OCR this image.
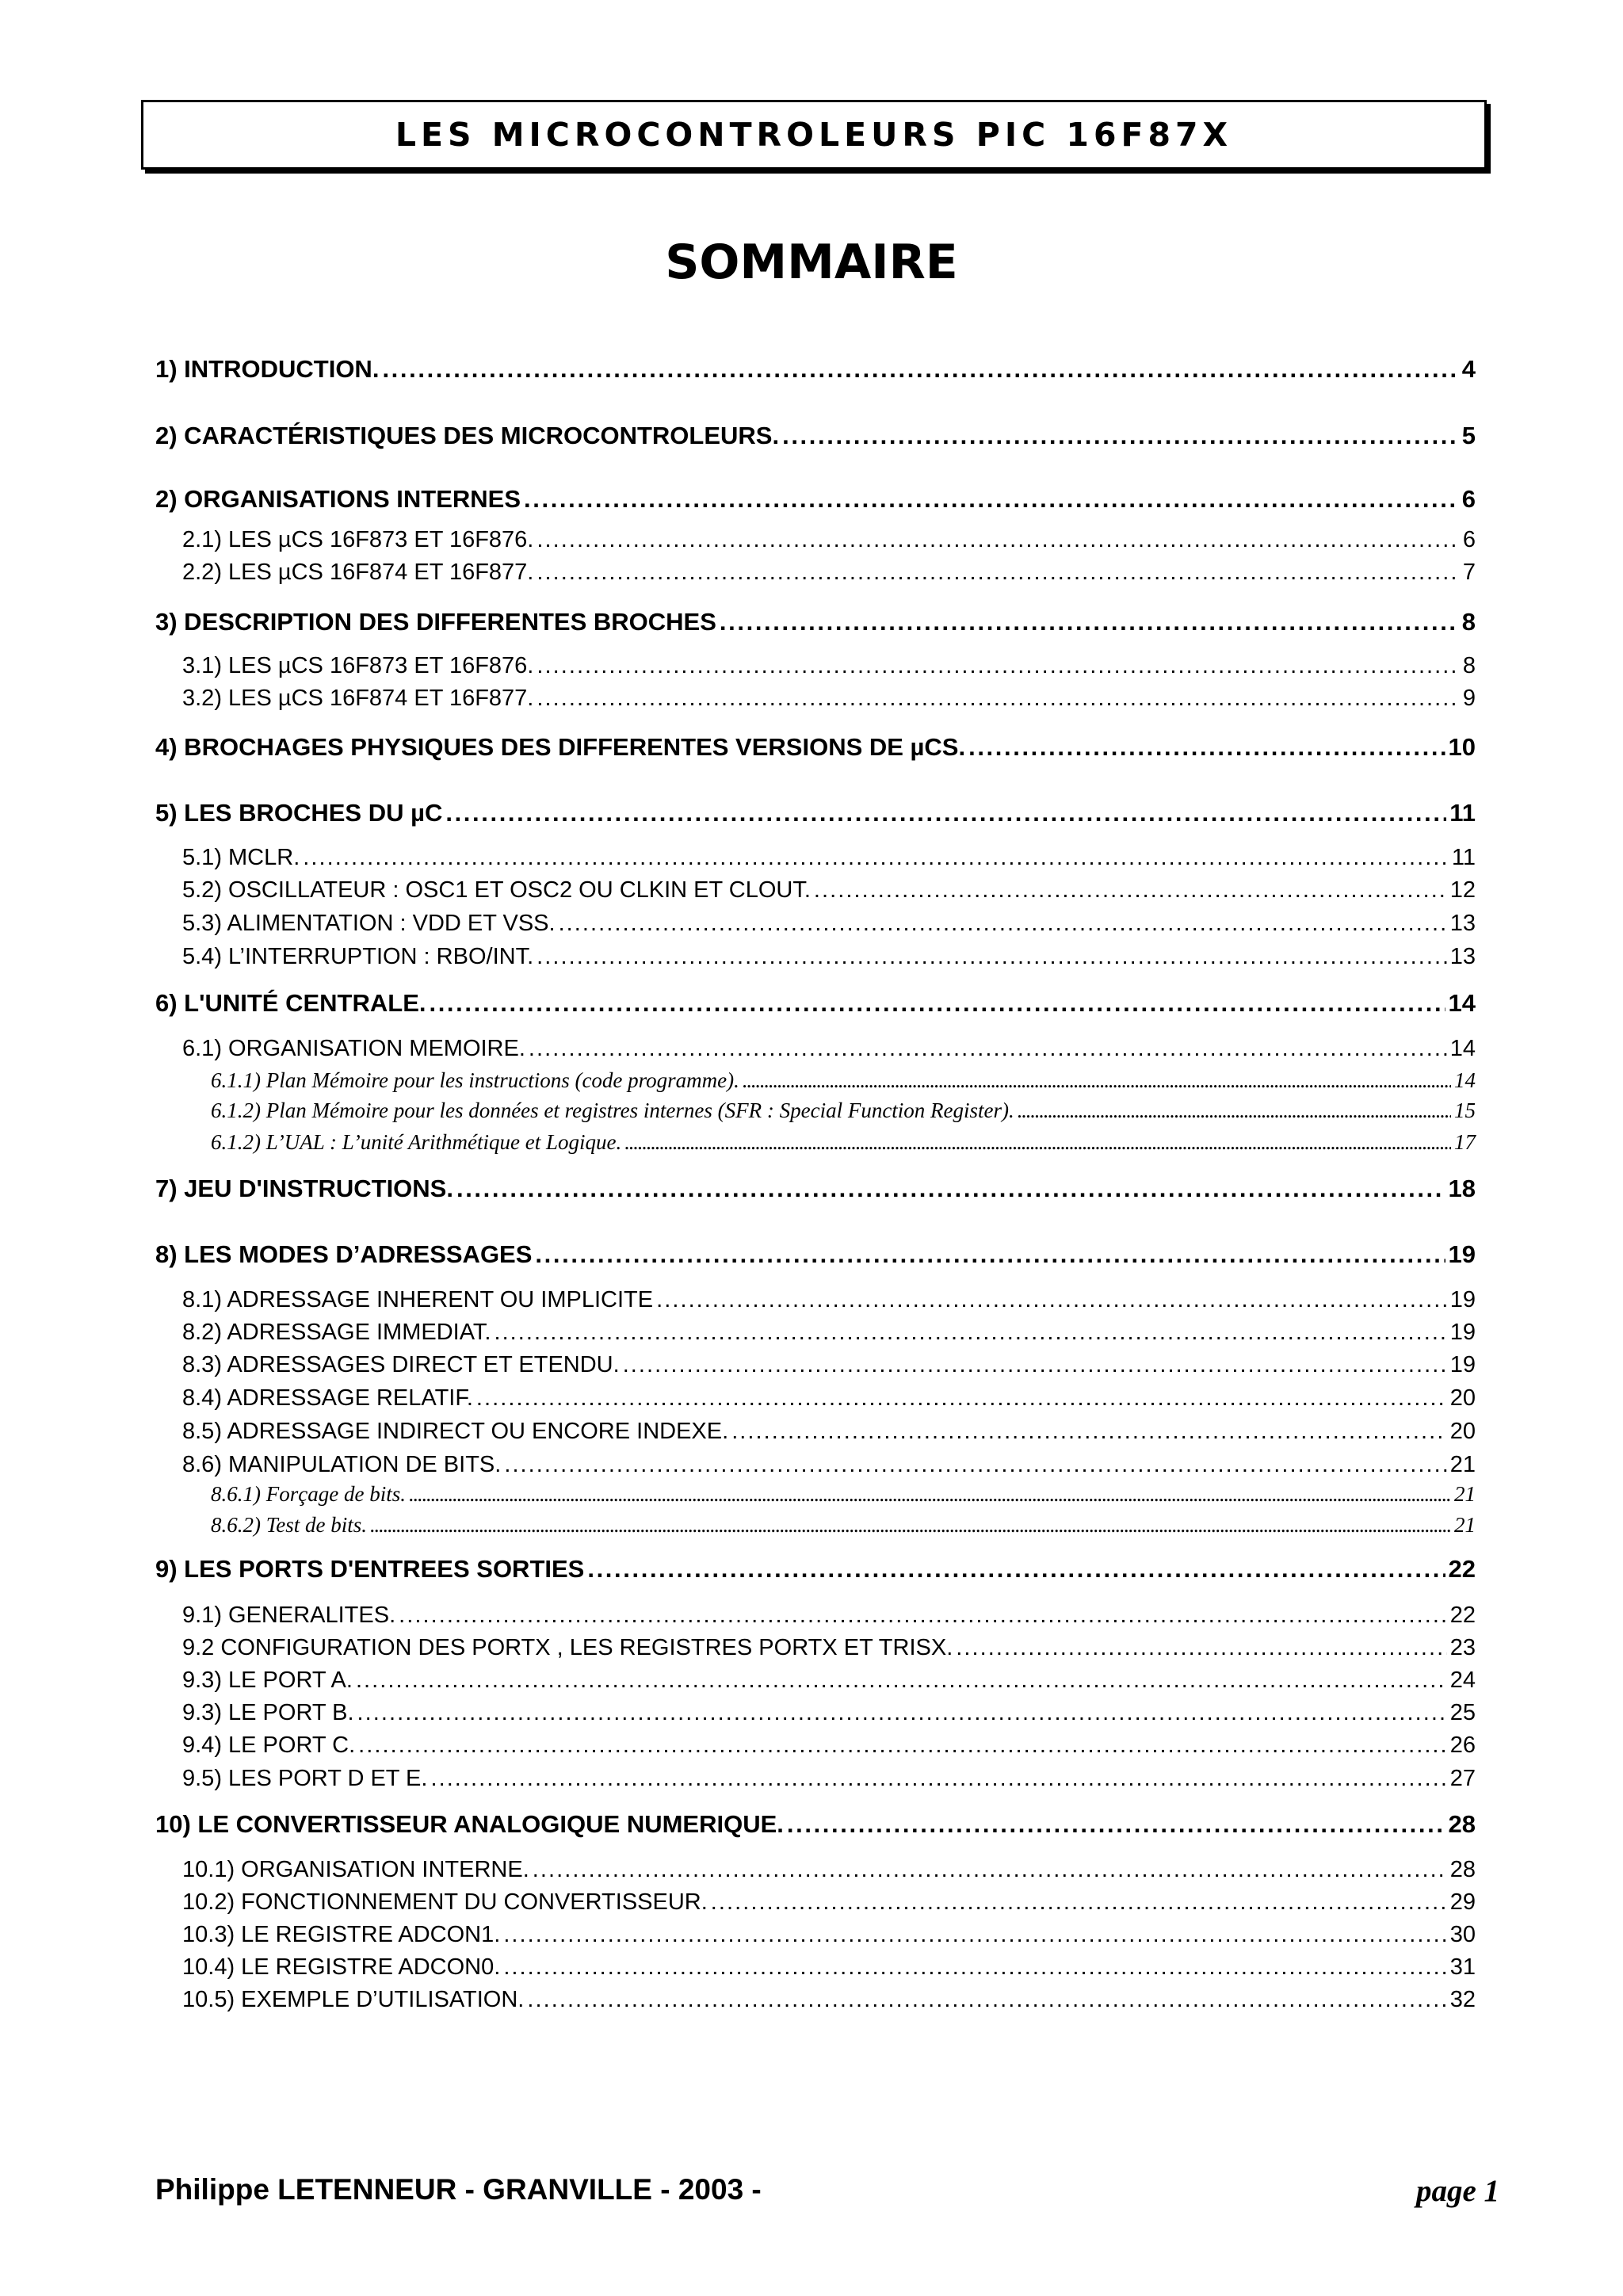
LES MICROCONTROLEURS PIC 16F87X
SOMMAIRE
1) INTRODUCTION. . . .	4
2) CARACTÉRISTIQUES DES MICROCONTROLEURS. . . .	5
2) ORGANISATIONS INTERNES . . .	6
2.1) LES µCS 16F873 ET 16F876. . . .	6
2.2) LES µCS 16F874 ET 16F877. . . .	7
3) DESCRIPTION DES DIFFERENTES BROCHES . . .	8
3.1) LES µCS 16F873 ET 16F876. . . .	8
3.2) LES µCS 16F874 ET 16F877. . . .	9
4) BROCHAGES PHYSIQUES DES DIFFERENTES VERSIONS DE µCS. . . .	10
5) LES BROCHES DU µC . . .	11
5.1) MCLR. . . .	11
5.2) OSCILLATEUR : OSC1 ET OSC2 OU CLKIN ET CLOUT. . . .	12
5.3) ALIMENTATION : VDD ET VSS. . . .	13
5.4) L’INTERRUPTION : RBO/INT. . . .	13
6) L'UNITÉ CENTRALE. . . .	14
6.1) ORGANISATION MEMOIRE. . . .	14
6.1.1) Plan Mémoire pour les instructions (code programme). . . .	14
6.1.2) Plan Mémoire pour les données et registres internes (SFR : Special Function Register). . . .	15
6.1.2) L’UAL : L’unité Arithmétique et Logique. . . .	17
7) JEU D'INSTRUCTIONS. . . .	18
8) LES MODES D’ADRESSAGES . . .	19
8.1) ADRESSAGE INHERENT OU IMPLICITE . . .	19
8.2) ADRESSAGE IMMEDIAT. . . .	19
8.3) ADRESSAGES DIRECT ET ETENDU. . . .	19
8.4) ADRESSAGE RELATIF. . . .	20
8.5) ADRESSAGE INDIRECT OU ENCORE INDEXE. . . .	20
8.6) MANIPULATION DE BITS. . . .	21
8.6.1) Forçage de bits. . . .	21
8.6.2) Test de bits. . . .	21
9) LES PORTS D'ENTREES SORTIES . . .	22
9.1) GENERALITES. . . .	22
9.2 CONFIGURATION DES PORTX , LES REGISTRES PORTX ET TRISX. . . .	23
9.3) LE PORT A. . . .	24
9.3) LE PORT B. . . .	25
9.4) LE PORT C. . . .	26
9.5) LES PORT D ET E. . . .	27
10) LE CONVERTISSEUR ANALOGIQUE NUMERIQUE. . . .	28
10.1) ORGANISATION INTERNE. . . .	28
10.2) FONCTIONNEMENT DU CONVERTISSEUR. . . .	29
10.3) LE REGISTRE ADCON1. . . .	30
10.4) LE REGISTRE ADCON0. . . .	31
10.5) EXEMPLE D’UTILISATION. . . .	32
Philippe LETENNEUR - GRANVILLE - 2003 -	page 1
